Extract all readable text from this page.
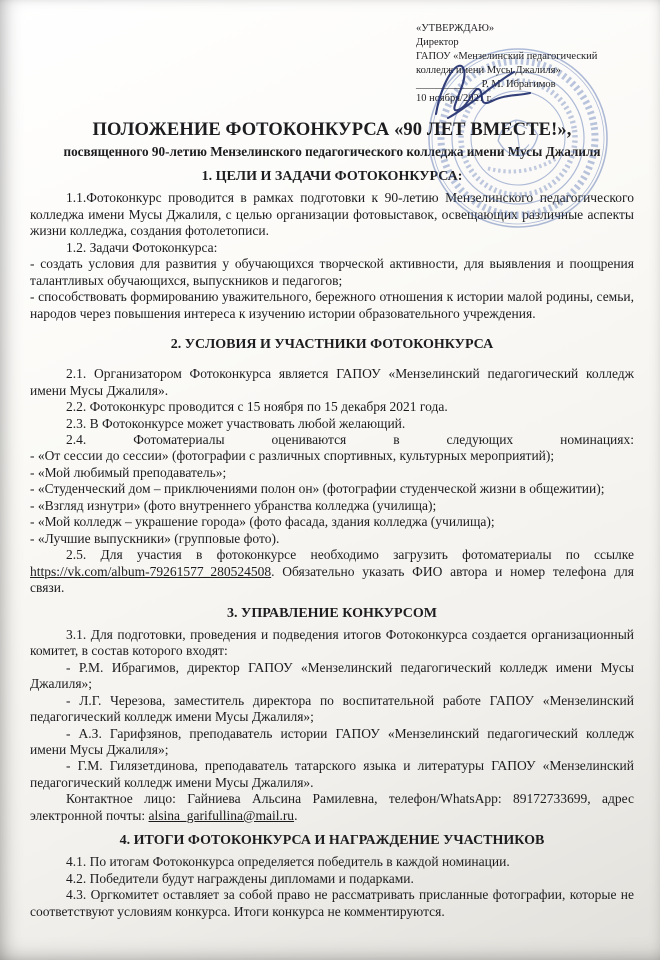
«УТВЕРЖДАЮ»
Директор
ГАПОУ «Мензелинский педагогический
колледж имени Мусы Джалиля»
____________ Р. М. Ибрагимов
10 ноября/2021 г.
ПОЛОЖЕНИЕ ФОТОКОНКУРСА «90 ЛЕТ ВМЕСТЕ!»,
посвященного 90-летию Мензелинского педагогического колледжа имени Мусы Джалиля
1. ЦЕЛИ И ЗАДАЧИ ФОТОКОНКУРСА:

1.1.Фотоконкурс проводится в рамках подготовки к 90-летию Мензелинского педагогического колледжа имени Мусы Джалиля, с целью организации фотовыставок, освещающих различные аспекты жизни колледжа, создания фотолетописи.

1.2. Задачи Фотоконкурса:

- создать условия для развития у обучающихся творческой активности, для выявления и поощрения талантливых обучающихся, выпускников и педагогов;

- способствовать формированию уважительного, бережного отношения к истории малой родины, семьи, народов через повышения интереса к изучению истории образовательного учреждения.

2. УСЛОВИЯ И УЧАСТНИКИ ФОТОКОНКУРСА

2.1. Организатором Фотоконкурса является ГАПОУ «Мензелинский педагогический колледж имени Мусы Джалиля».

2.2. Фотоконкурс проводится с 15 ноября по 15 декабря 2021 года.

2.3. В Фотоконкурсе может участвовать любой желающий.

2.4. Фотоматериалы оцениваются в следующих номинациях:

- «От сессии до сессии» (фотографии с различных спортивных, культурных мероприятий);

- «Мой любимый преподаватель»;

- «Студенческий дом – приключениями полон он» (фотографии студенческой жизни в общежитии);

- «Взгляд изнутри» (фото внутреннего убранства колледжа (училища);

- «Мой колледж – украшение города» (фото фасада, здания колледжа (училища);

- «Лучшие выпускники» (групповые фото).

2.5. Для участия в фотоконкурсе необходимо загрузить фотоматериалы по ссылке https://vk.com/album-79261577_280524508. Обязательно указать ФИО автора и номер телефона для связи.

3. УПРАВЛЕНИЕ КОНКУРСОМ

3.1. Для подготовки, проведения и подведения итогов Фотоконкурса создается организационный комитет, в состав которого входят:

- Р.М. Ибрагимов, директор ГАПОУ «Мензелинский педагогический колледж имени Мусы Джалиля»;

- Л.Г. Черезова, заместитель директора по воспитательной работе ГАПОУ «Мензелинский педагогический колледж имени Мусы Джалиля»;

- А.З. Гарифзянов, преподаватель истории ГАПОУ «Мензелинский педагогический колледж имени Мусы Джалиля»;

- Г.М. Гилязетдинова, преподаватель татарского языка и литературы ГАПОУ «Мензелинский педагогический колледж имени Мусы Джалиля».

Контактное лицо: Гайниева Альсина Рамилевна, телефон/WhatsApp: 89172733699, адрес электронной почты: alsina_garifullina@mail.ru.

4. ИТОГИ ФОТОКОНКУРСА И НАГРАЖДЕНИЕ УЧАСТНИКОВ

4.1. По итогам Фотоконкурса определяется победитель в каждой номинации.

4.2. Победители будут награждены дипломами и подарками.

4.3. Оргкомитет оставляет за собой право не рассматривать присланные фотографии, которые не соответствуют условиям конкурса. Итоги конкурса не комментируются.
